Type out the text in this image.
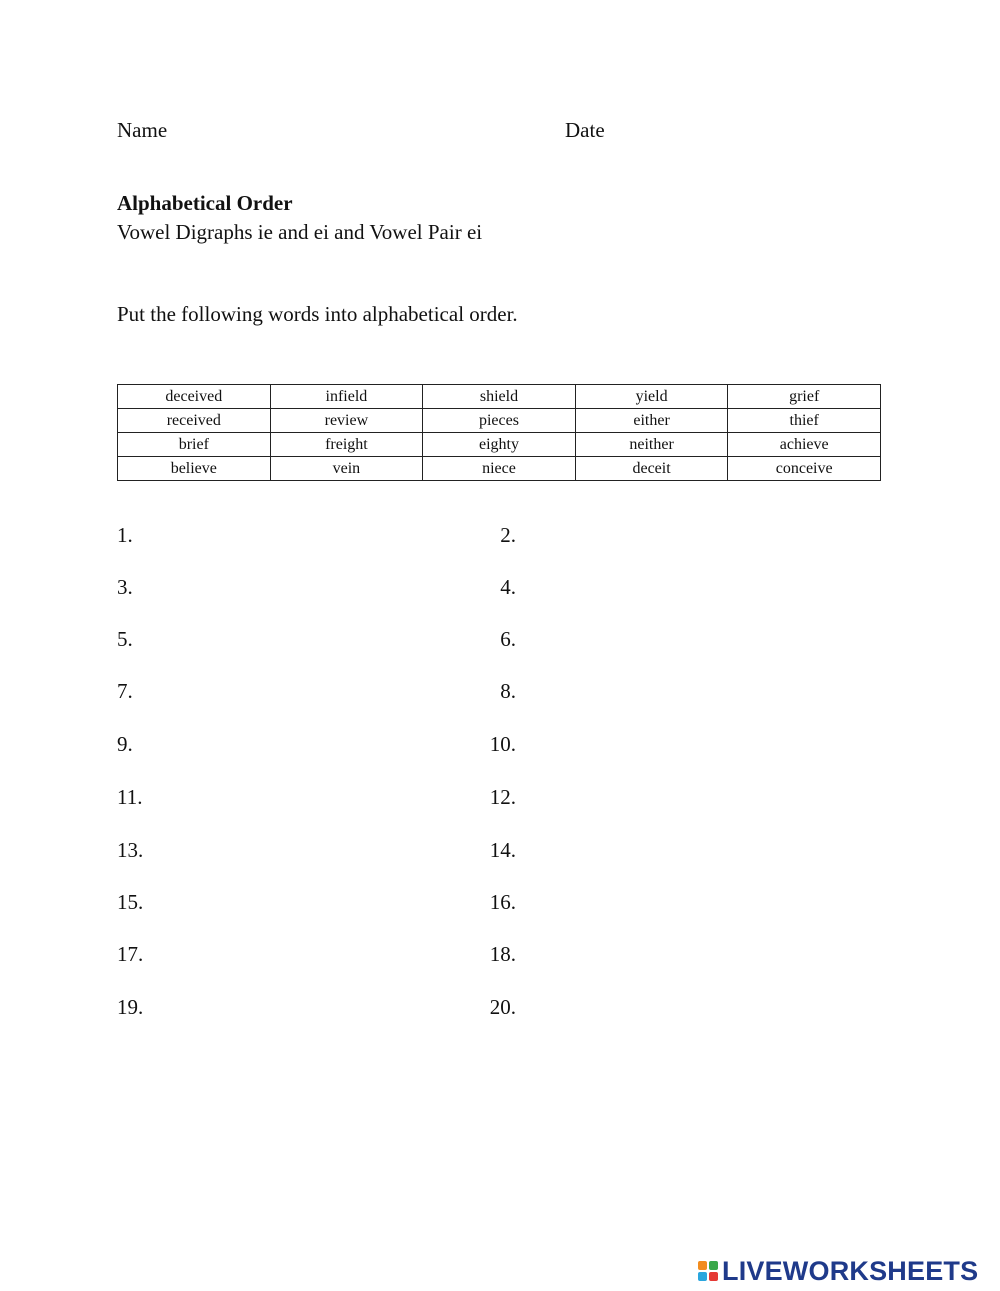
Name	Date
Alphabetical Order
Vowel Digraphs ie and ei and Vowel Pair ei
Put the following words into alphabetical order.
deceived	infield	shield	yield	grief
received	review	pieces	either	thief
brief	freight	eighty	neither	achieve
believe	vein	niece	deceit	conceive
1.	2.
3.	4.
5.	6.
7.	8.
9.	10.
11.	12.
13.	14.
15.	16.
17.	18.
19.	20.
LIVEWORKSHEETS
